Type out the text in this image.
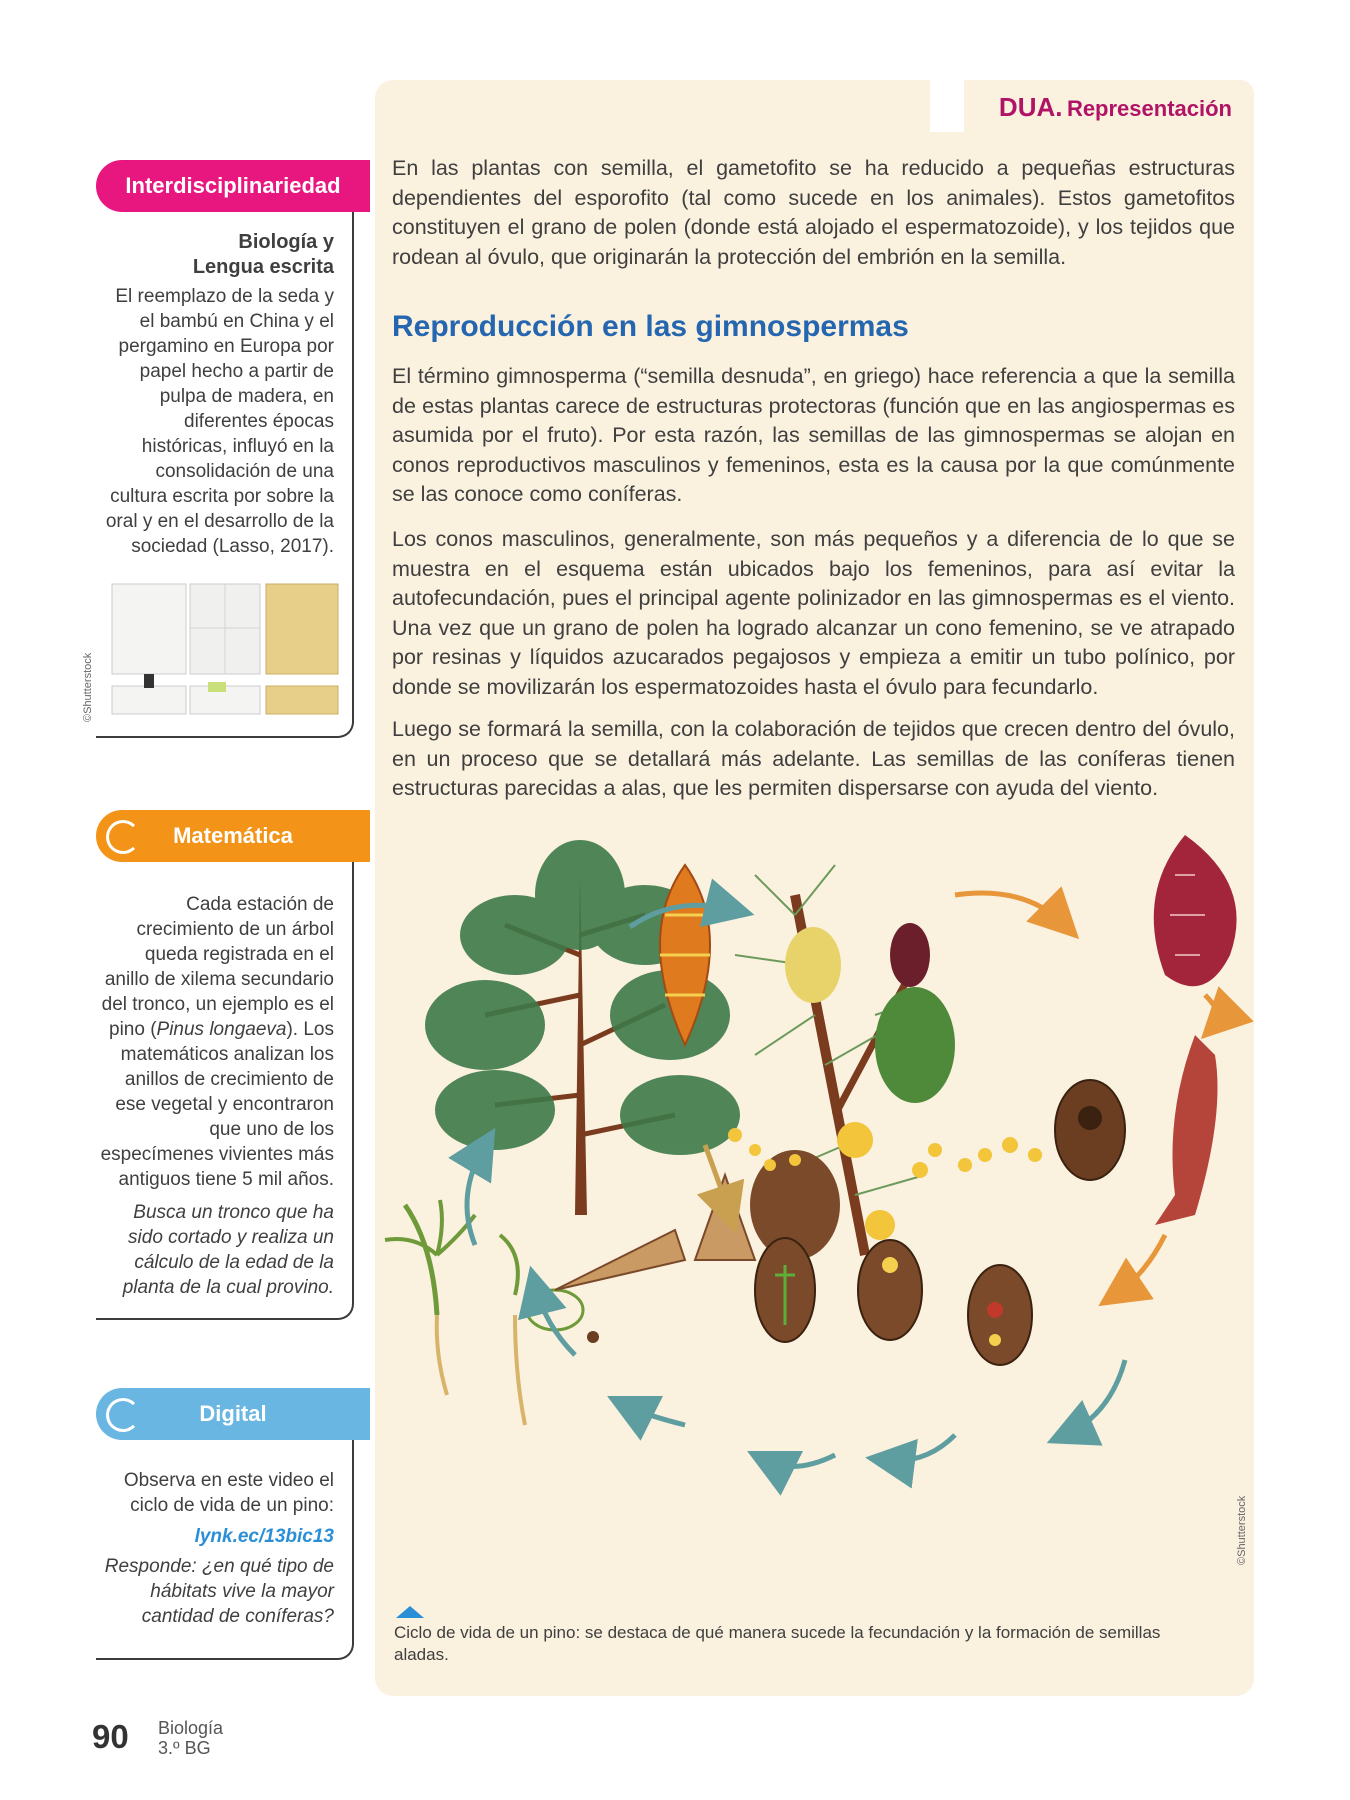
DUA. Representación

En las plantas con semilla, el gametofito se ha reducido a pequeñas estructuras dependientes del esporofito (tal como sucede en los animales). Estos gametofitos constituyen el grano de polen (donde está alojado el espermatozoide), y los tejidos que rodean al óvulo, que originarán la protección del embrión en la semilla.

Reproducción en las gimnospermas

El término gimnosperma (“semilla desnuda”, en griego) hace referencia a que la semilla de estas plantas carece de estructuras protectoras (función que en las angiospermas es asumida por el fruto). Por esta razón, las semillas de las gimnospermas se alojan en conos reproductivos masculinos y femeninos, esta es la causa por la que comúnmente se las conoce como coníferas.

Los conos masculinos, generalmente, son más pequeños y a diferencia de lo que se muestra en el esquema están ubicados bajo los femeninos, para así evitar la autofecundación, pues el principal agente polinizador en las gimnospermas es el viento. Una vez que un grano de polen ha logrado alcanzar un cono femenino, se ve atrapado por resinas y líquidos azucarados pegajosos y empieza a emitir un tubo polínico, por donde se movilizarán los espermatozoides hasta el óvulo para fecundarlo.

Luego se formará la semilla, con la colaboración de tejidos que crecen dentro del óvulo, en un proceso que se detallará más adelante. Las semillas de las coníferas tienen estructuras parecidas a alas, que les permiten dispersarse con ayuda del viento.

©Shutterstock

Ciclo de vida de un pino: se destaca de qué manera sucede la fecundación y la formación de semillas aladas.

Interdisciplinariedad
Biología y
Lengua escrita

El reemplazo de la seda y el bambú en China y el pergamino en Europa por papel hecho a partir de pulpa de madera, en diferentes épocas históricas, influyó en la consolidación de una cultura escrita por sobre la oral y en el desarrollo de la sociedad (Lasso, 2017).

©Shutterstock
Matemática

Cada estación de crecimiento de un árbol queda registrada en el anillo de xilema secundario del tronco, un ejemplo es el pino (Pinus longaeva). Los matemáticos analizan los anillos de crecimiento de ese vegetal y encontraron que uno de los especímenes vivientes más antiguos tiene 5 mil años.

Busca un tronco que ha sido cortado y realiza un cálculo de la edad de la planta de la cual provino.

Digital

Observa en este video el ciclo de vida de un pino:

lynk.ec/13bic13

Responde: ¿en qué tipo de hábitats vive la mayor cantidad de coníferas?

90 Biología
3.º BG
